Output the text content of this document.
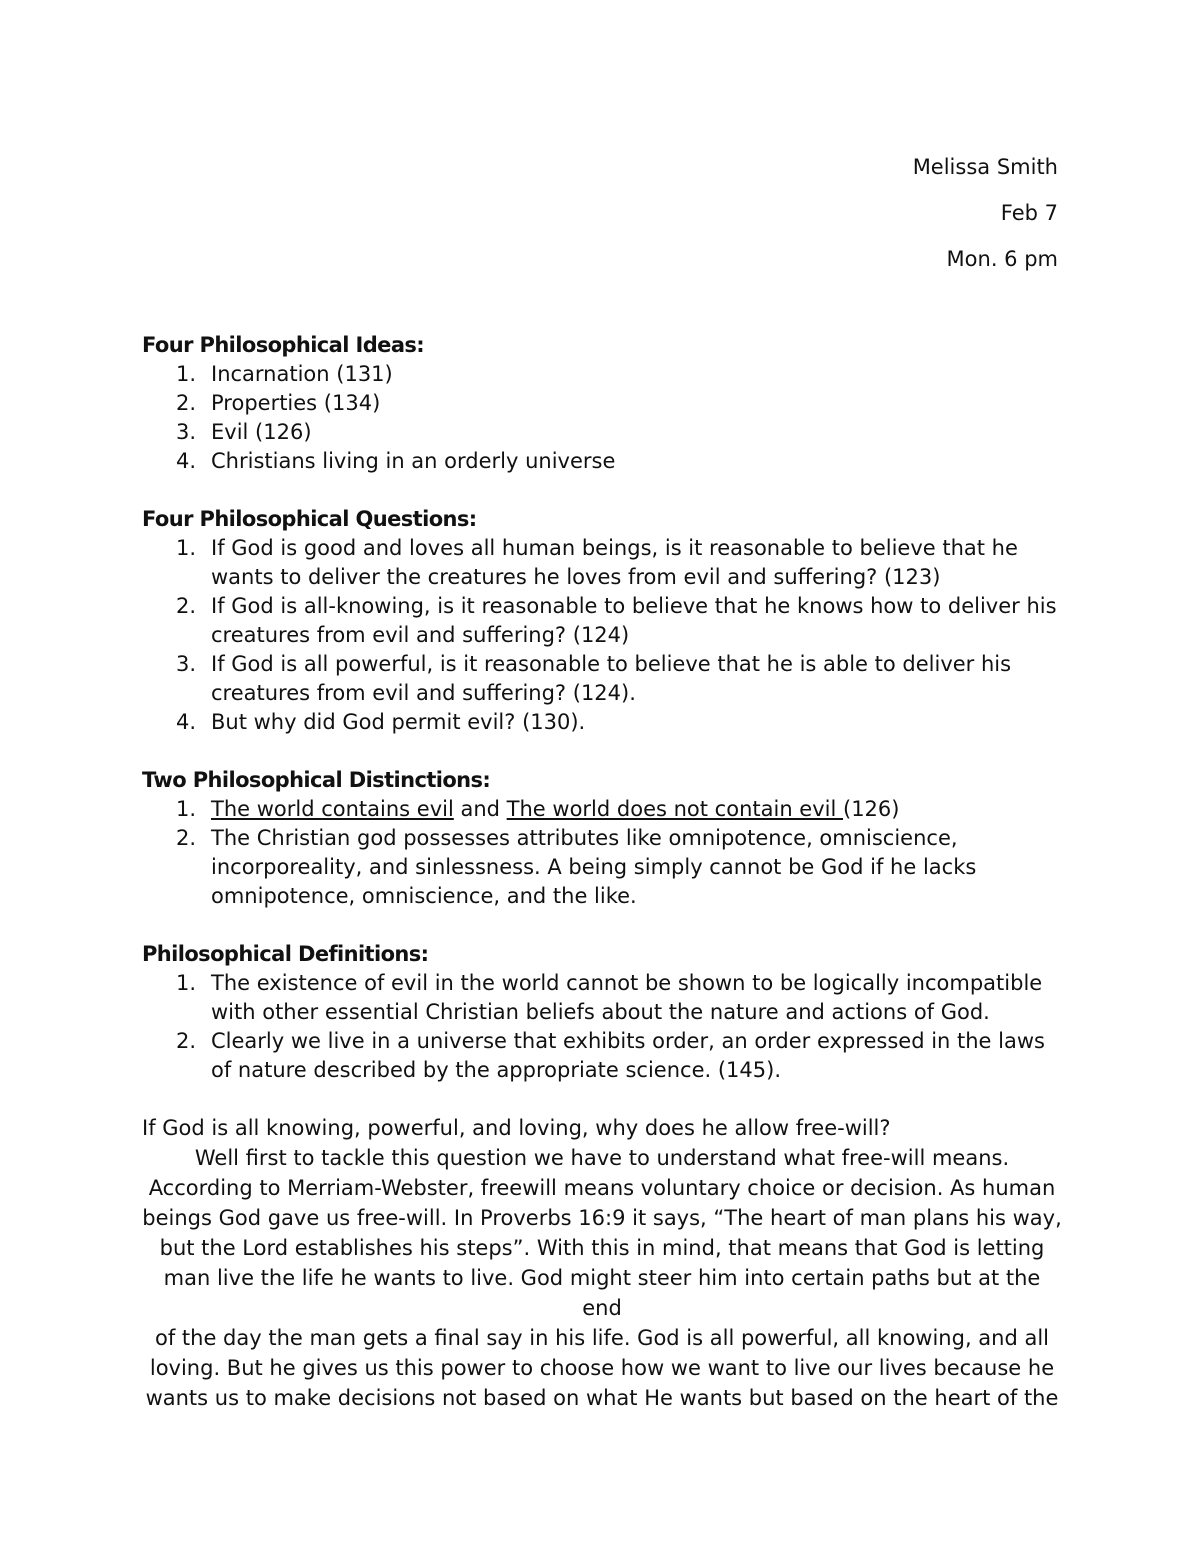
Melissa Smith
Feb 7
Mon. 6 pm
Four Philosophical Ideas:
1. Incarnation (131)
2. Properties (134)
3. Evil (126)
4. Christians living in an orderly universe
Four Philosophical Questions:
1. If God is good and loves all human beings, is it reasonable to believe that he wants to deliver the creatures he loves from evil and suffering? (123)
2. If God is all-knowing, is it reasonable to believe that he knows how to deliver his creatures from evil and suffering? (124)
3. If God is all powerful, is it reasonable to believe that he is able to deliver his creatures from evil and suffering? (124).
4. But why did God permit evil? (130).
Two Philosophical Distinctions:
1. The world contains evil and The world does not contain evil (126)
2. The Christian god possesses attributes like omnipotence, omniscience, incorporeality, and sinlessness. A being simply cannot be God if he lacks omnipotence, omniscience, and the like.
Philosophical Definitions:
1. The existence of evil in the world cannot be shown to be logically incompatible with other essential Christian beliefs about the nature and actions of God.
2. Clearly we live in a universe that exhibits order, an order expressed in the laws of nature described by the appropriate science. (145).
If God is all knowing, powerful, and loving, why does he allow free-will?
Well first to tackle this question we have to understand what free-will means.
According to Merriam-Webster, freewill means voluntary choice or decision. As human
beings God gave us free-will. In Proverbs 16:9 it says, “The heart of man plans his way,
but the Lord establishes his steps”. With this in mind, that means that God is letting
man live the life he wants to live. God might steer him into certain paths but at the end
of the day the man gets a final say in his life. God is all powerful, all knowing, and all
loving. But he gives us this power to choose how we want to live our lives because he
wants us to make decisions not based on what He wants but based on the heart of the
